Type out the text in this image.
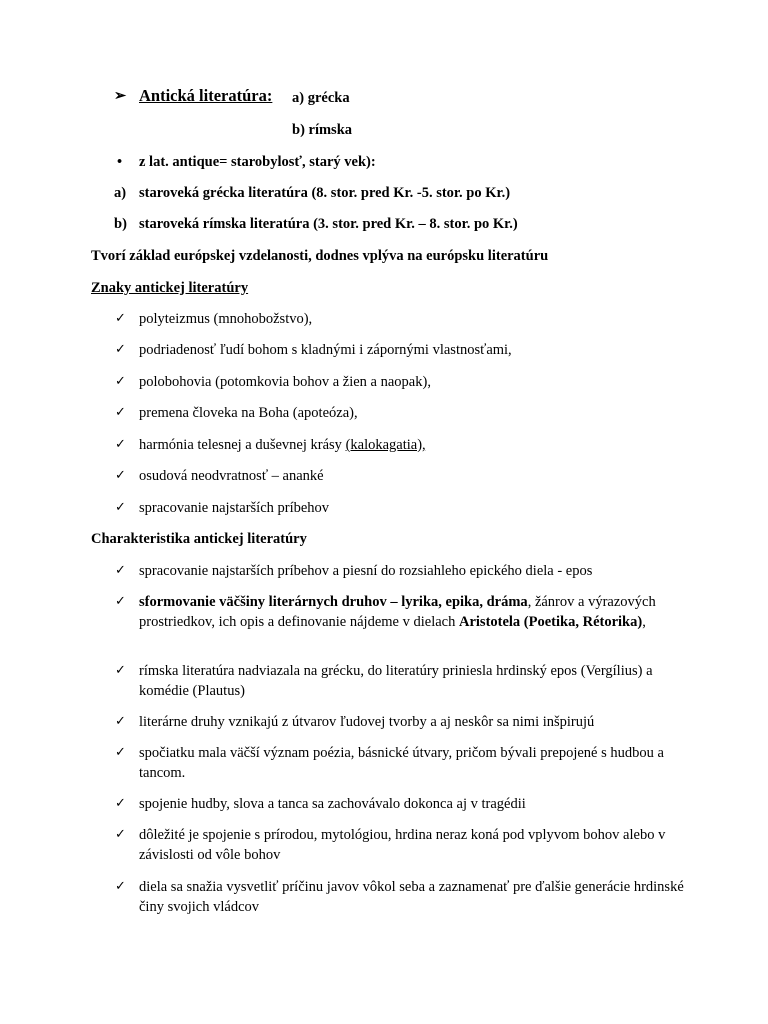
➢ Antická literatúra: a) grécka
b) rímska
• z lat. antique= starobylosť, starý vek):
a) staroveká grécka literatúra (8. stor. pred Kr. -5. stor. po Kr.)
b) staroveká rímska literatúra (3. stor. pred Kr. – 8. stor. po Kr.)
Tvorí základ európskej vzdelanosti, dodnes vplýva na európsku literatúru
Znaky antickej literatúry
✓ polyteizmus (mnohobožstvo),
✓ podriadenosť ľudí bohom s kladnými i zápornými vlastnosťami,
✓ polobohovia (potomkovia bohov a žien a naopak),
✓ premena človeka na Boha (apoteóza),
✓ harmónia telesnej a duševnej krásy (kalokagatia),
✓ osudová neodvratnosť – ananké
✓ spracovanie najstarších príbehov
Charakteristika antickej literatúry
✓ spracovanie najstarších príbehov a piesní do rozsiahleho epického diela - epos
✓ sformovanie väčšiny literárnych druhov – lyrika, epika, dráma, žánrov a výrazových prostriedkov, ich opis a definovanie nájdeme v dielach Aristotela (Poetika, Rétorika),
✓ rímska literatúra nadviazala na grécku, do literatúry priniesla hrdinský epos (Vergílius) a komédie (Plautus)
✓ literárne druhy vznikajú z útvarov ľudovej tvorby a aj neskôr sa nimi inšpirujú
✓ spočiatku mala väčší význam poézia, básnické útvary, pričom bývali prepojené s hudbou a tancom.
✓ spojenie hudby, slova a tanca sa zachovávalo dokonca aj v tragédii
✓ dôležité je spojenie s prírodou, mytológiou, hrdina neraz koná pod vplyvom bohov alebo v závislosti od vôle bohov
✓ diela sa snažia vysvetliť príčinu javov vôkol seba a zaznamenať pre ďalšie generácie hrdinské činy svojich vládcov
